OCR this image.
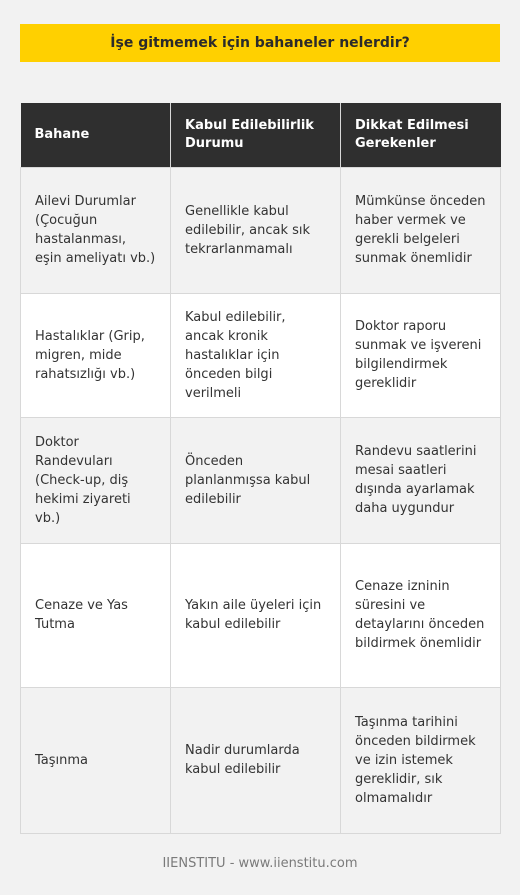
İşe gitmemek için bahaneler nelerdir?
Bahane	Kabul Edilebilirlik Durumu	Dikkat Edilmesi Gerekenler
Ailevi Durumlar (Çocuğun hastalanması, eşin ameliyatı vb.)	Genellikle kabul edilebilir, ancak sık tekrarlanmamalı	Mümkünse önceden haber vermek ve gerekli belgeleri sunmak önemlidir
Hastalıklar (Grip, migren, mide rahatsızlığı vb.)	Kabul edilebilir, ancak kronik hastalıklar için önceden bilgi verilmeli	Doktor raporu sunmak ve işvereni bilgilendirmek gereklidir
Doktor Randevuları (Check-up, diş hekimi ziyareti vb.)	Önceden planlanmışsa kabul edilebilir	Randevu saatlerini mesai saatleri dışında ayarlamak daha uygundur
Cenaze ve Yas Tutma	Yakın aile üyeleri için kabul edilebilir	Cenaze izninin süresini ve detaylarını önceden bildirmek önemlidir
Taşınma	Nadir durumlarda kabul edilebilir	Taşınma tarihini önceden bildirmek ve izin istemek gereklidir, sık olmamalıdır
IIENSTITU - www.iienstitu.com
